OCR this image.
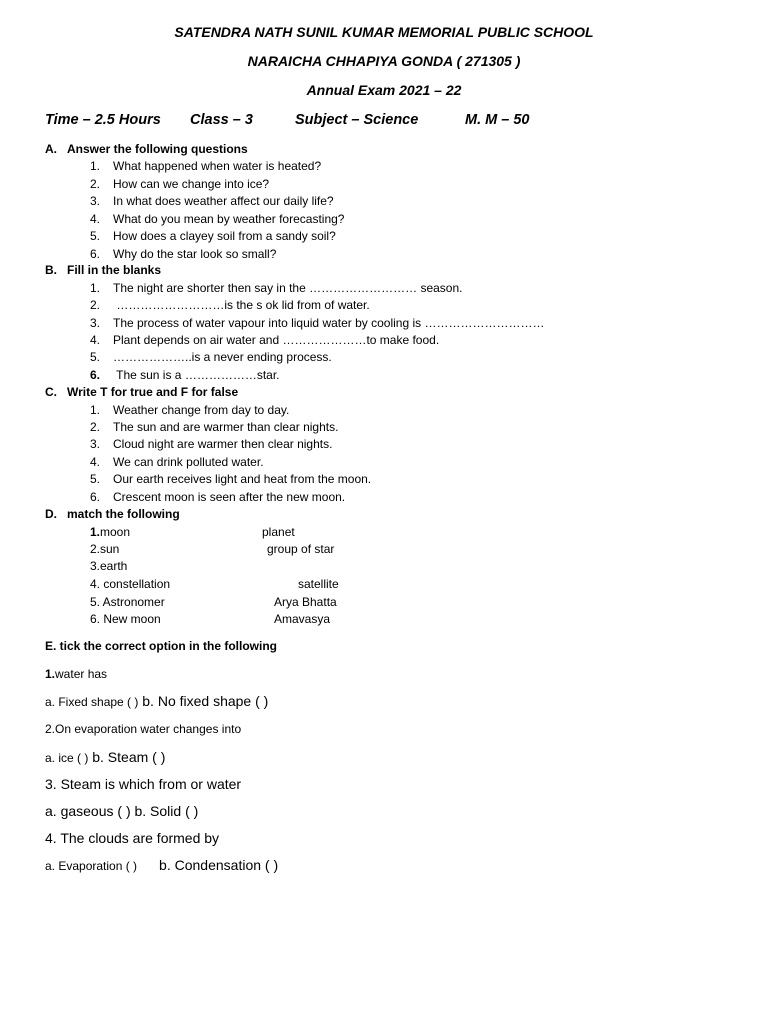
SATENDRA NATH SUNIL KUMAR MEMORIAL PUBLIC SCHOOL
NARAICHA CHHAPIYA GONDA ( 271305 )
Annual Exam 2021 – 22
Time – 2.5 Hours Class – 3	Subject – Science	M. M – 50
A. Answer the following questions
1. What happened when water is heated?
2. How can we change into ice?
3. In what does weather affect our daily life?
4. What do you mean by weather forecasting?
5. How does a clayey soil from a sandy soil?
6. Why do the star look so small?
B. Fill in the blanks
1. The night are shorter then say in the ……………………… season.
2. ………………………is the s ok lid from of water.
3. The process of water vapour into liquid water by cooling is …………………………
4. Plant depends on air water and …………………to make food.
5. ………………..is a never ending process.
6. The sun is a ………………star.
C. Write T for true and F for false
1. Weather change from day to day.
2. The sun and are warmer than clear nights.
3. Cloud night are warmer then clear nights.
4. We can drink polluted water.
5. Our earth receives light and heat from the moon.
6. Crescent moon is seen after the new moon.
D. match the following
1.moon
2.sun
3.earth
4. constellation
5. Astronomer
6. New moon
planet
group of star
satellite
Arya Bhatta
Amavasya
E. tick the correct option in the following
1.water has
a. Fixed shape ( ) b. No fixed shape ( )
2.On evaporation water changes into
a. ice ( ) b. Steam ( )
3. Steam is which from or water
a. gaseous ( ) b. Solid ( )
4. The clouds are formed by
a. Evaporation ( ) b. Condensation ( )
